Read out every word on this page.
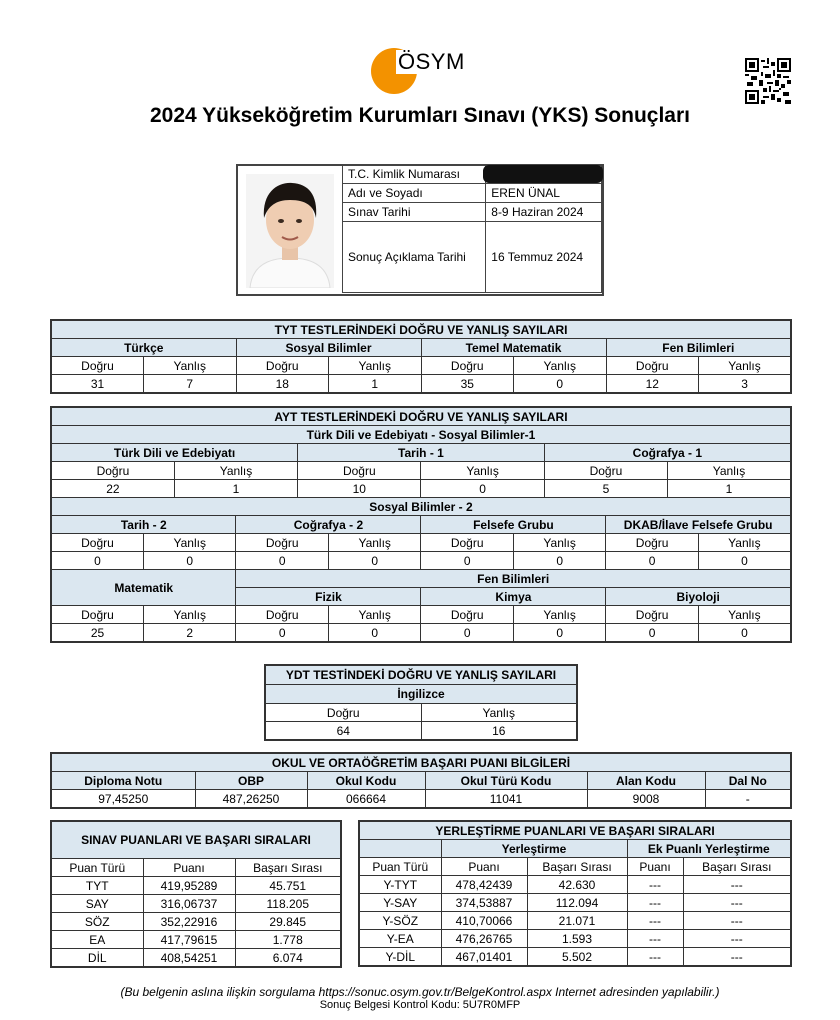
ÖSYM
2024 Yükseköğretim Kurumları Sınavı (YKS) Sonuçları
T.C. Kimlik Numarası	
Adı ve Soyadı	EREN ÜNAL
Sınav Tarihi	8-9 Haziran 2024
Sonuç Açıklama Tarihi	16 Temmuz 2024
TYT TESTLERİNDEKİ DOĞRU VE YANLIŞ SAYILARI							
Türkçe		Sosyal Bilimler		Temel Matematik		Fen Bilimleri	
Doğru	Yanlış	Doğru	Yanlış	Doğru	Yanlış	Doğru	Yanlış
31	7	18	1	35	0	12	3
AYT TESTLERİNDEKİ DOĞRU VE YANLIŞ SAYILARI											
Türk Dili ve Edebiyatı - Sosyal Bilimler-1											
Türk Dili ve Edebiyatı				Tarih - 1				Coğrafya - 1			
Doğru		Yanlış		Doğru		Yanlış		Doğru		Yanlış	
22		1		10		0		5		1	
Sosyal Bilimler - 2											
Tarih - 2			Coğrafya - 2			Felsefe Grubu			DKAB/İlave Felsefe Grubu		
Doğru	Yanlış		Doğru		Yanlış	Doğru	Yanlış		Doğru		Yanlış
0	0		0		0	0	0		0		0
Matematik			Fen Bilimleri								
			Fizik			Kimya			Biyoloji		
Doğru	Yanlış		Doğru		Yanlış	Doğru	Yanlış		Doğru		Yanlış
25	2		0		0	0	0		0		0
YDT TESTİNDEKİ DOĞRU VE YANLIŞ SAYILARI	
İngilizce	
Doğru	Yanlış
64	16
OKUL VE ORTAÖĞRETİM BAŞARI PUANI BİLGİLERİ					
Diploma Notu	OBP	Okul Kodu	Okul Türü Kodu	Alan Kodu	Dal No
97,45250	487,26250	066664	11041	9008	-
SINAV PUANLARI VE BAŞARI SIRALARI		
Puan Türü	Puanı	Başarı Sırası
TYT	419,95289	45.751
SAY	316,06737	118.205
SÖZ	352,22916	29.845
EA	417,79615	1.778
DİL	408,54251	6.074
YERLEŞTİRME PUANLARI VE BAŞARI SIRALARI				
	Yerleştirme		Ek Puanlı Yerleştirme	
Puan Türü	Puanı	Başarı Sırası	Puanı	Başarı Sırası
Y-TYT	478,42439	42.630	---	---
Y-SAY	374,53887	112.094	---	---
Y-SÖZ	410,70066	21.071	---	---
Y-EA	476,26765	1.593	---	---
Y-DİL	467,01401	5.502	---	---
(Bu belgenin aslına ilişkin sorgulama https://sonuc.osym.gov.tr/BelgeKontrol.aspx Internet adresinden yapılabilir.)
Sonuç Belgesi Kontrol Kodu: 5U7R0MFP
